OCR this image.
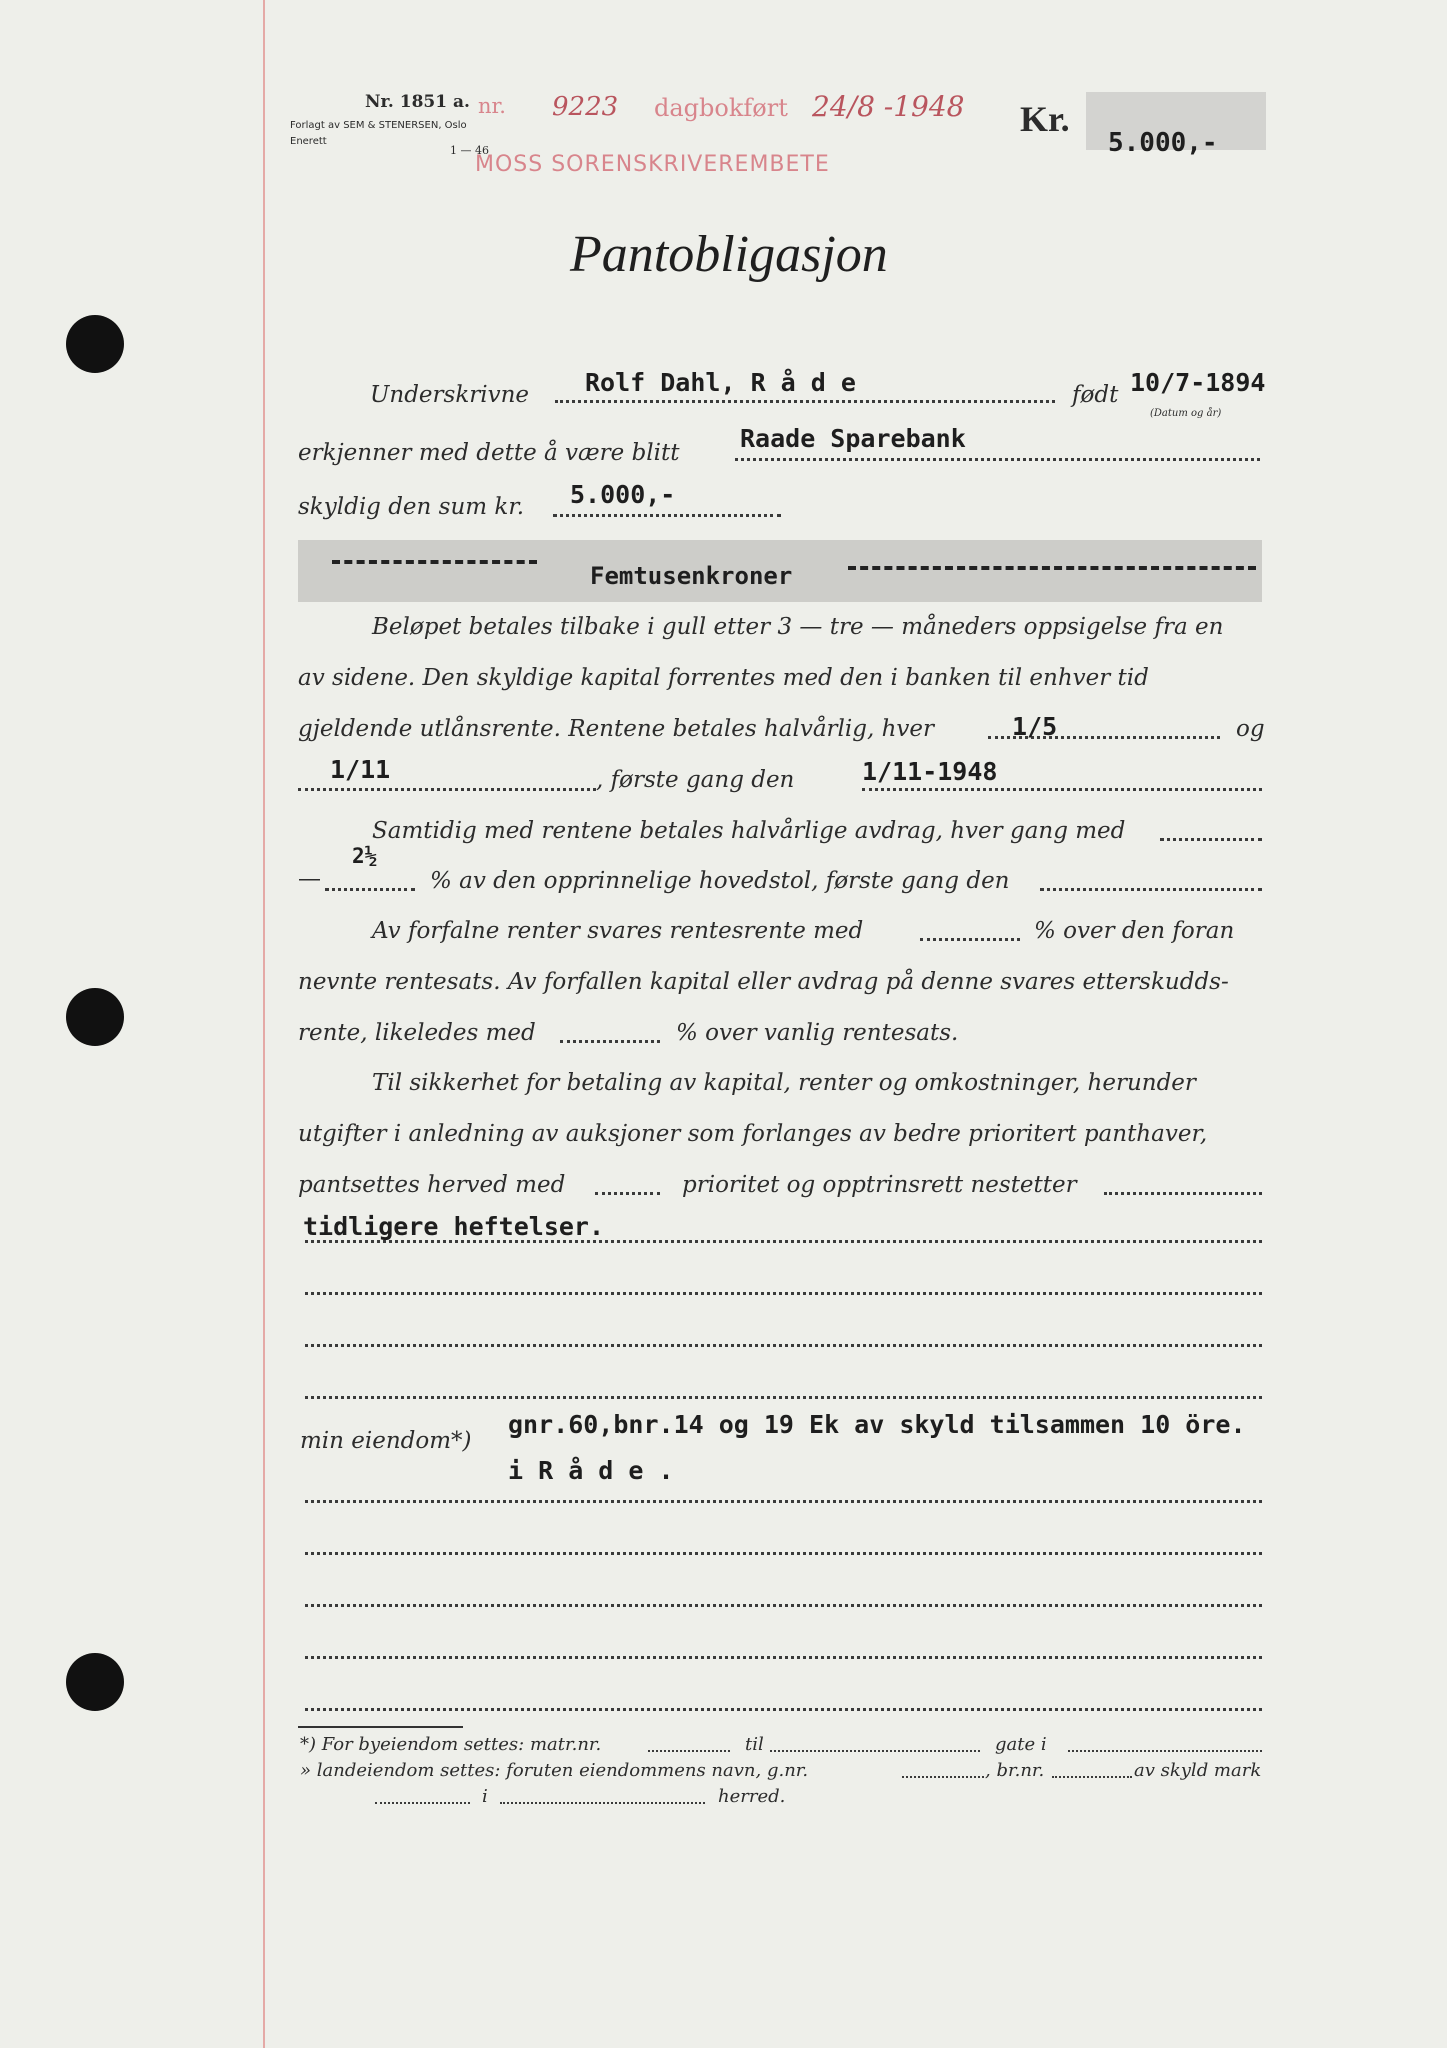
Nr. 1851 a.
Forlagt av SEM & STENERSEN, Oslo
Enerett
1 — 46
nr. 9223 dagbokført 24/8 -1948
MOSS SORENSKRIVEREMBETE
Kr.
5.000,-
Pantobligasjon
Underskrivne Rolf Dahl, R å d e	født 10/7-1894
(Datum og år)
erkjenner med dette å være blitt Raade Sparebank
skyldig den sum kr. 5.000,-
Femtusenkroner
Beløpet betales tilbake i gull etter 3 — tre — måneders oppsigelse fra en
av sidene. Den skyldige kapital forrentes med den i banken til enhver tid
gjeldende utlånsrente. Rentene betales halvårlig, hver	1/5	og
1/11	, første gang den	1/11-1948
Samtidig med rentene betales halvårlige avdrag, hver gang med
2½
—	% av den opprinnelige hovedstol, første gang den
Av forfalne renter svares rentesrente med	% over den foran
nevnte rentesats. Av forfallen kapital eller avdrag på denne svares etterskudds-
rente, likeledes med	% over vanlig rentesats.
Til sikkerhet for betaling av kapital, renter og omkostninger, herunder
utgifter i anledning av auksjoner som forlanges av bedre prioritert panthaver,
pantsettes herved med	prioritet og opptrinsrett nestetter
tidligere heftelser.
min eiendom*)
gnr.60,bnr.14 og 19 Ek av skyld tilsammen 10 öre.
i R å d e .
*) For byeiendom settes: matr.nr.	til	gate i
» landeiendom settes: foruten eiendommens navn, g.nr.	, br.nr.	av skyld mark
i	herred.
